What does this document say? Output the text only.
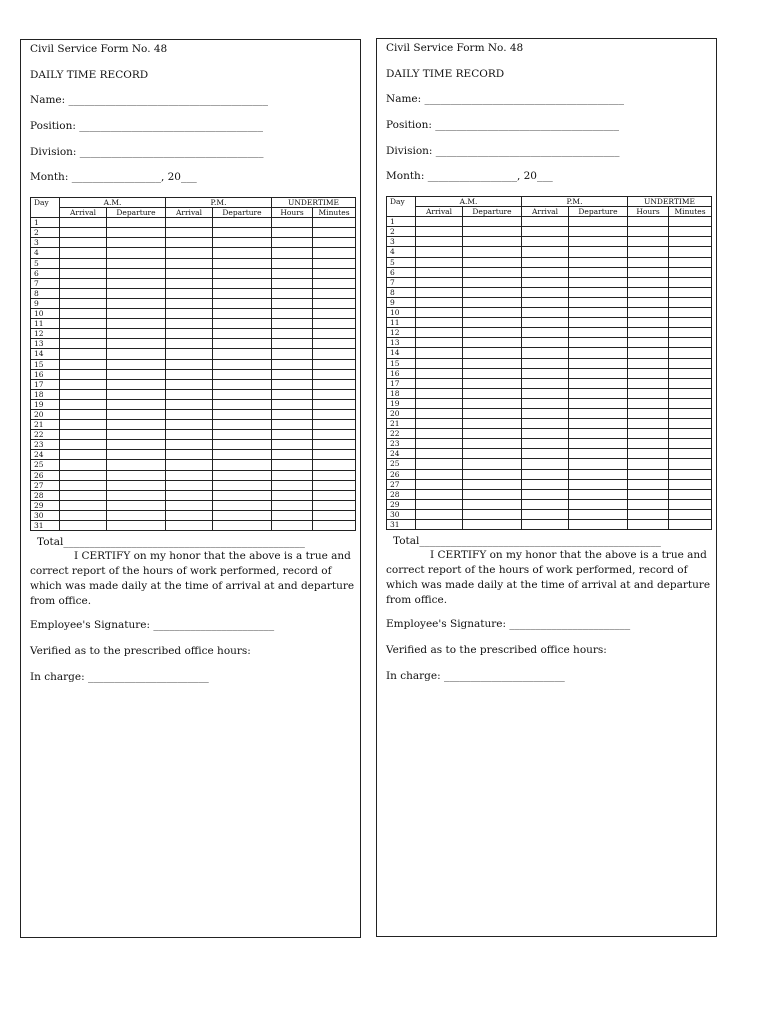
Civil Service Form No. 48
DAILY TIME RECORD
Name: ______________________________________
Position: ___________________________________
Division: ___________________________________
Month: _________________, 20___
Day	A.M.		P.M.		UNDERTIME	
	Arrival	Departure	Arrival	Departure	Hours	Minutes
1						
2						
3						
4						
5						
6						
7						
8						
9						
10						
11						
12						
13						
14						
15						
16						
17						
18						
19						
20						
21						
22						
23						
24						
25						
26						
27						
28						
29						
30						
31						
Total______________________________________________
I CERTIFY on my honor that the above is a true and correct report of the hours of work performed, record of which was made daily at the time of arrival at and departure from office.
Employee's Signature: _______________________
Verified as to the prescribed office hours:
In charge: _______________________
Civil Service Form No. 48
DAILY TIME RECORD
Name: ______________________________________
Position: ___________________________________
Division: ___________________________________
Month: _________________, 20___
Day	A.M.		P.M.		UNDERTIME	
	Arrival	Departure	Arrival	Departure	Hours	Minutes
1						
2						
3						
4						
5						
6						
7						
8						
9						
10						
11						
12						
13						
14						
15						
16						
17						
18						
19						
20						
21						
22						
23						
24						
25						
26						
27						
28						
29						
30						
31						
Total______________________________________________
I CERTIFY on my honor that the above is a true and correct report of the hours of work performed, record of which was made daily at the time of arrival at and departure from office.
Employee's Signature: _______________________
Verified as to the prescribed office hours:
In charge: _______________________
